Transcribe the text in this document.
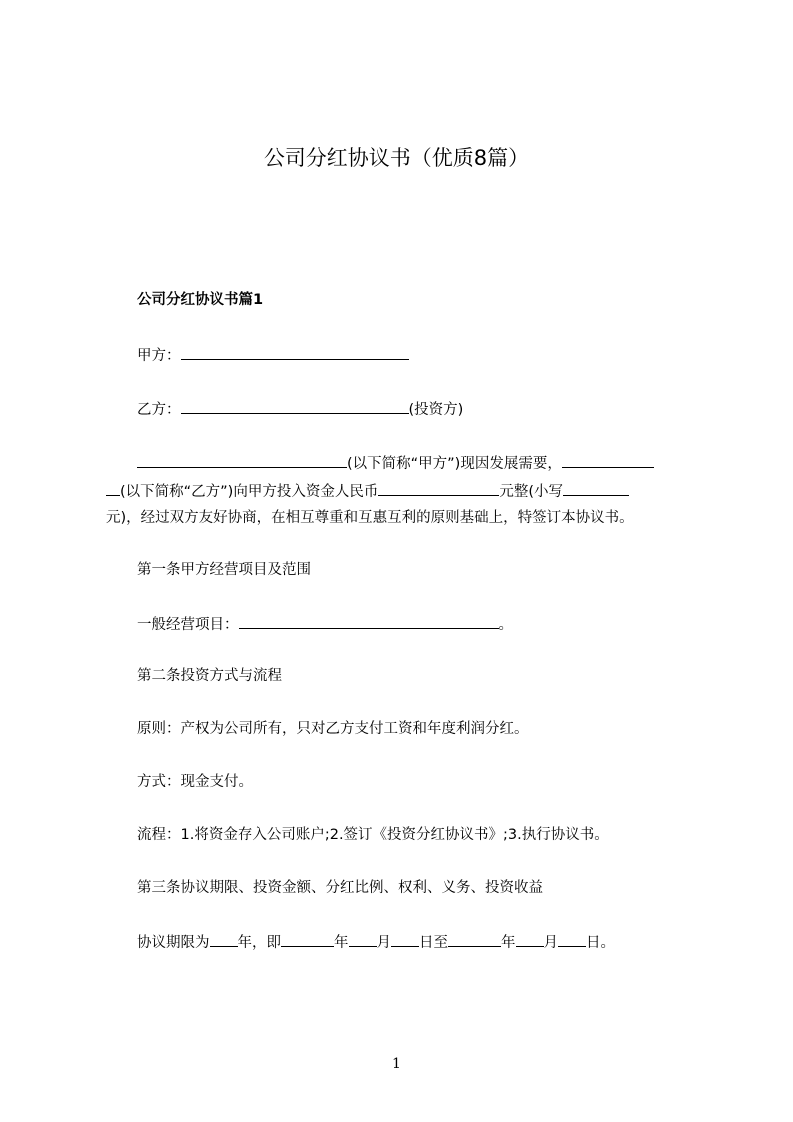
公司分红协议书（优质8篇）
公司分红协议书篇1
甲方：
乙方：	(投资方)
(以下简称“甲方”)现因发展需要，
(以下简称“乙方”)向甲方投入资金人民币	元整(小写
元)，经过双方友好协商，在相互尊重和互惠互利的原则基础上，特签订本协议书。
第一条甲方经营项目及范围
一般经营项目：	。
第二条投资方式与流程
原则：产权为公司所有，只对乙方支付工资和年度利润分红。
方式：现金支付。
流程：1.将资金存入公司账户;2.签订《投资分红协议书》;3.执行协议书。
第三条协议期限、投资金额、分红比例、权利、义务、投资收益
协议期限为 年，即	年 月 日至	年 月 日。
1
